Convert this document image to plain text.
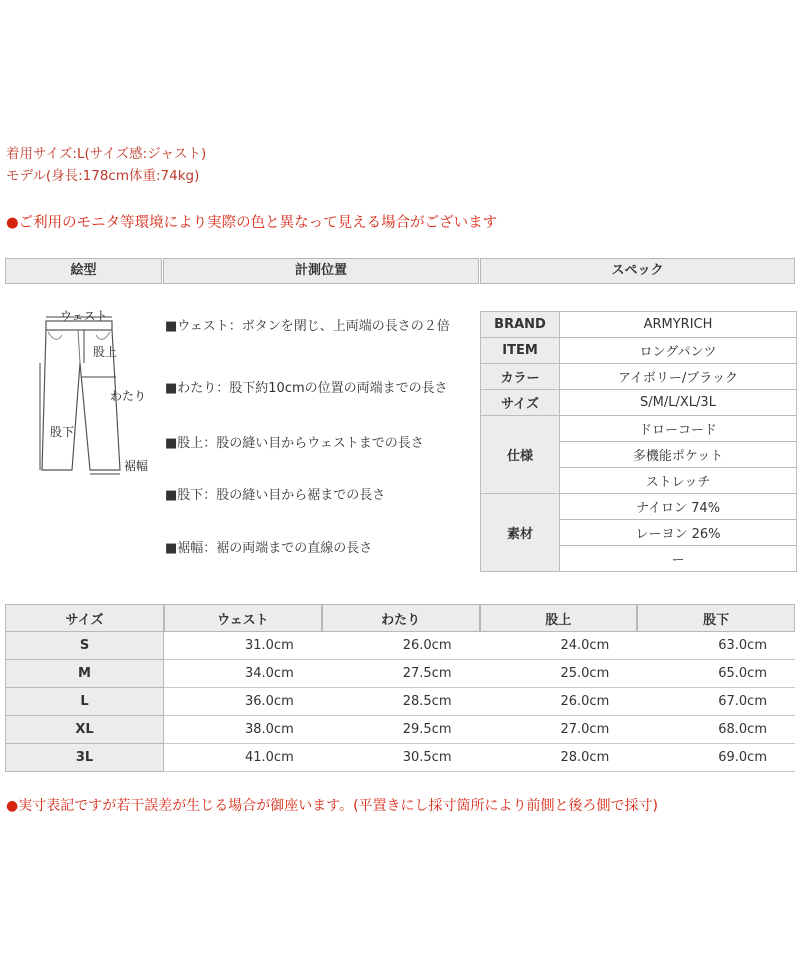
着用サイズ:L(サイズ感:ジャスト)
モデル(身長:178cm体重:74kg)
●ご利用のモニタ等環境により実際の色と異なって見える場合がございます
絵型	計測位置	スペック
ウェスト
股上
わたり
股下
裾幅
■ウェスト：ボタンを閉じ、上両端の長さの２倍
■わたり：股下約10cmの位置の両端までの長さ
■股上：股の縫い目からウェストまでの長さ
■股下：股の縫い目から裾までの長さ
■裾幅：裾の両端までの直線の長さ
BRAND	ARMYRICH
ITEM	ロングパンツ
カラー	アイボリー/ブラック
サイズ	S/M/L/XL/3L
仕様	ドローコード
	多機能ポケット
	ストレッチ
素材	ナイロン 74%
	レーヨン 26%
	ー
サイズ	ウェスト	わたり	股上	股下
S	31.0cm	26.0cm	24.0cm	63.0cm
M	34.0cm	27.5cm	25.0cm	65.0cm
L	36.0cm	28.5cm	26.0cm	67.0cm
XL	38.0cm	29.5cm	27.0cm	68.0cm
3L	41.0cm	30.5cm	28.0cm	69.0cm
●実寸表記ですが若干誤差が生じる場合が御座います。(平置きにし採寸箇所により前側と後ろ側で採寸)
